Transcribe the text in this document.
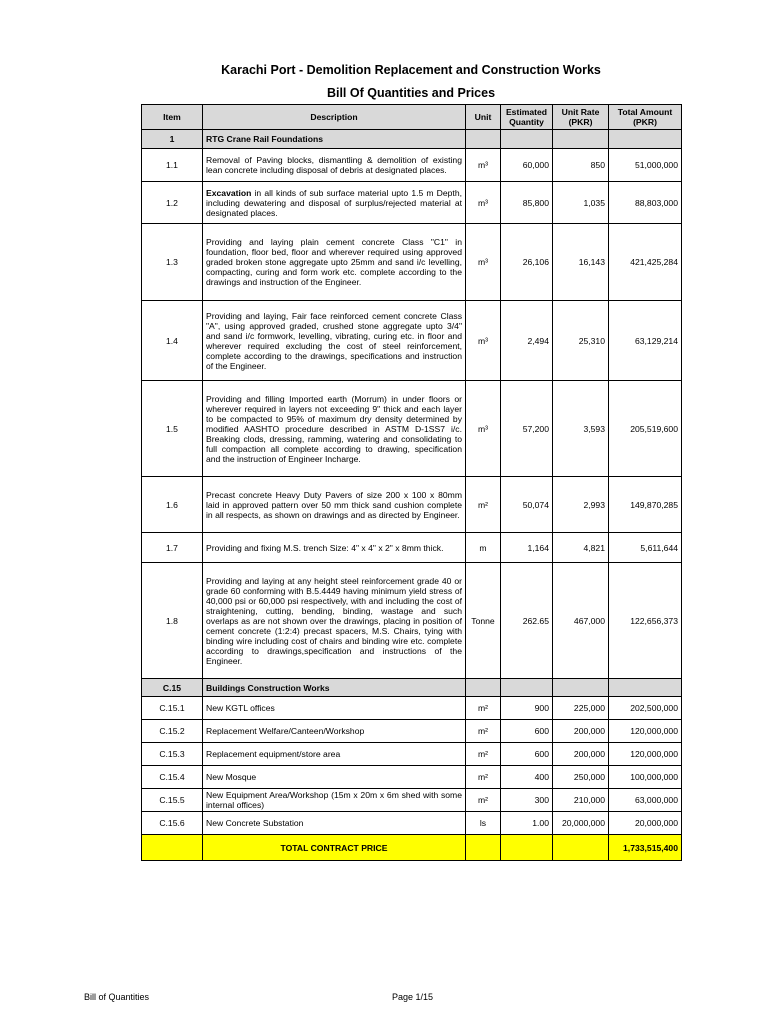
Karachi Port - Demolition Replacement and Construction Works
Bill Of Quantities and Prices
Item	Description	Unit	Estimated Quantity	Unit Rate (PKR)	Total Amount (PKR)
1	RTG Crane Rail Foundations				
1.1	Removal of Paving blocks, dismantling & demolition of existing lean concrete including disposal of debris at designated places.	m³	60,000	850	51,000,000
1.2	Excavation in all kinds of sub surface material upto 1.5 m Depth, including dewatering and disposal of surplus/rejected material at designated places.	m³	85,800	1,035	88,803,000
1.3	Providing and laying plain cement concrete Class "C1" in foundation, floor bed, floor and wherever required using approved graded broken stone aggregate upto 25mm and sand i/c levelling, compacting, curing and form work etc. complete according to the drawings and instruction of the Engineer.	m³	26,106	16,143	421,425,284
1.4	Providing and laying, Fair face reinforced cement concrete Class "A", using approved graded, crushed stone aggregate upto 3/4" and sand i/c formwork, levelling, vibrating, curing etc. in floor and wherever required excluding the cost of steel reinforcement, complete according to the drawings, specifications and instruction of the Engineer.	m³	2,494	25,310	63,129,214
1.5	Providing and filling Imported earth (Morrum) in under floors or wherever required in layers not exceeding 9" thick and each layer to be compacted to 95% of maximum dry density determined by modified AASHTO procedure described in ASTM D-1SS7 i/c. Breaking clods, dressing, ramming, watering and consolidating to full compaction all complete according to drawing, specification and the instruction of Engineer Incharge.	m³	57,200	3,593	205,519,600
1.6	Precast concrete Heavy Duty Pavers of size 200 x 100 x 80mm laid in approved pattern over 50 mm thick sand cushion complete in all respects, as shown on drawings and as directed by Engineer.	m²	50,074	2,993	149,870,285
1.7	Providing and fixing M.S. trench Size: 4" x 4" x 2" x 8mm thick.	m	1,164	4,821	5,611,644
1.8	Providing and laying at any height steel reinforcement grade 40 or grade 60 conforming with B.5.4449 having minimum yield stress of 40,000 psi or 60,000 psi respectively, with and including the cost of straightening, cutting, bending, binding, wastage and such overlaps as are not shown over the drawings, placing in position of cement concrete (1:2:4) precast spacers, M.S. Chairs, tying with binding wire including cost of chairs and binding wire etc. complete according to drawings,specification and instructions of the Engineer.	Tonne	262.65	467,000	122,656,373
C.15	Buildings Construction Works				
C.15.1	New KGTL offices	m²	900	225,000	202,500,000
C.15.2	Replacement Welfare/Canteen/Workshop	m²	600	200,000	120,000,000
C.15.3	Replacement equipment/store area	m²	600	200,000	120,000,000
C.15.4	New Mosque	m²	400	250,000	100,000,000
C.15.5	New Equipment Area/Workshop (15m x 20m x 6m shed with some internal offices)	m²	300	210,000	63,000,000
C.15.6	New Concrete Substation	ls	1.00	20,000,000	20,000,000
	TOTAL CONTRACT PRICE				1,733,515,400
Bill of Quantities	Page 1/15
